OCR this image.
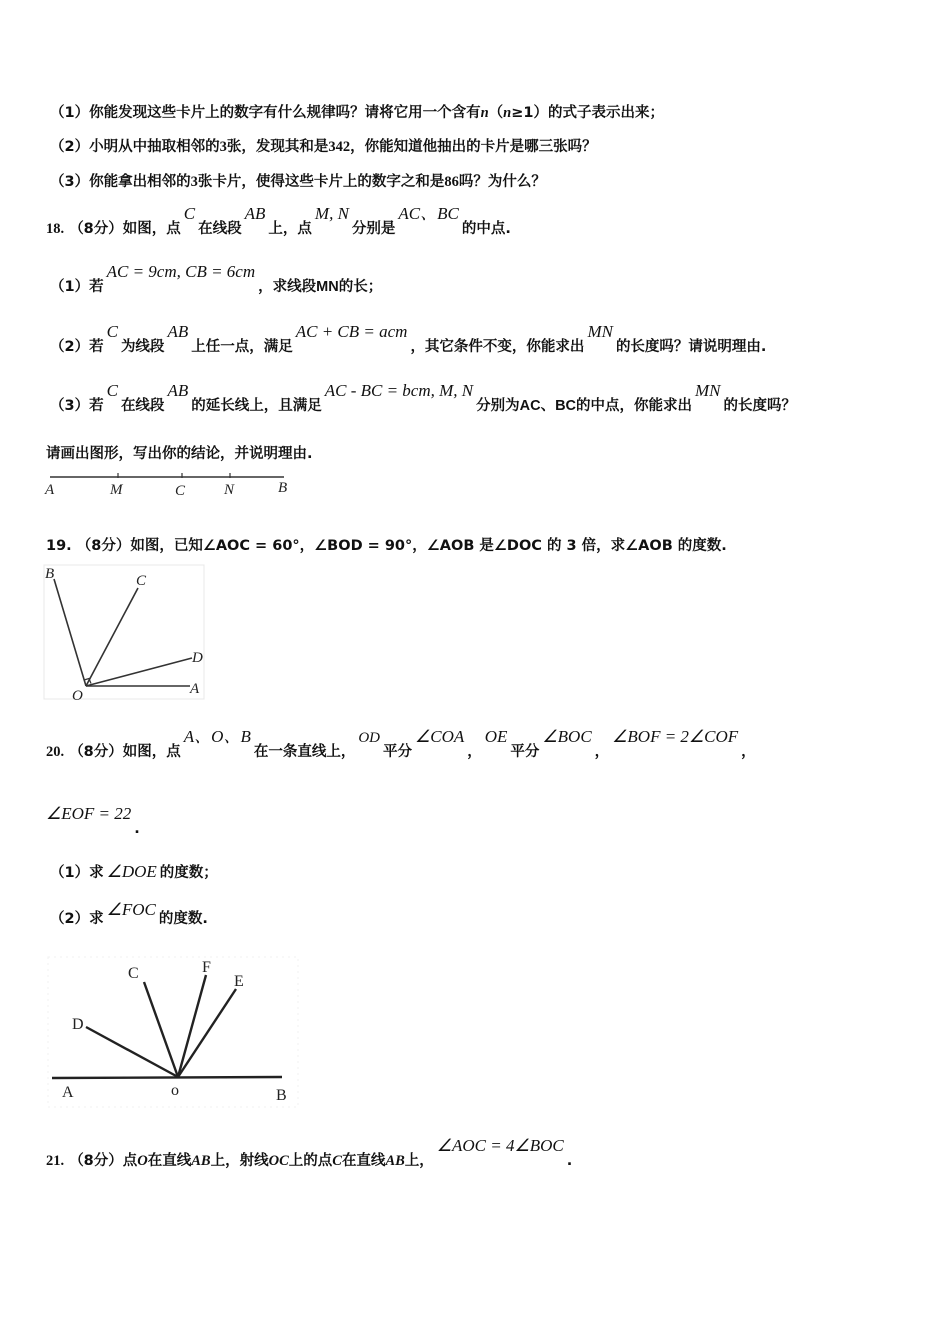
（1）你能发现这些卡片上的数字有什么规律吗？请将它用一个含有n（n≥1）的式子表示出来；
（2）小明从中抽取相邻的3张，发现其和是342，你能知道他抽出的卡片是哪三张吗？
（3）你能拿出相邻的3张卡片，使得这些卡片上的数字之和是86吗？为什么？
18. （8分）如图，点C在线段AB上，点M, N分别是AC、BC的中点.
（1）若AC = 9cm, CB = 6cm，求线段MN的长；
（2）若C为线段AB上任一点，满足AC + CB = acm，其它条件不变，你能求出MN的长度吗？请说明理由.
（3）若C在线段AB的延长线上，且满足AC - BC = bcm, M, N分别为AC、BC的中点，你能求出MN的长度吗？
请画出图形，写出你的结论，并说明理由.
A	M	C	N	B
19. （8分）如图，已知∠AOC = 60°，∠BOD = 90°，∠AOB 是∠DOC 的 3 倍，求∠AOB 的度数.
B	C
D
O	A
20. （8分）如图，点A、O、B在一条直线上，OD平分∠COA，OE平分∠BOC，∠BOF = 2∠COF，
∠EOF = 22.
（1）求 ∠DOE 的度数；
（2）求 ∠FOC 的度数.
C	F
E
D
A	o	B
21. （8分）点O在直线AB上，射线OC上的点C在直线AB上，∠AOC = 4∠BOC.
